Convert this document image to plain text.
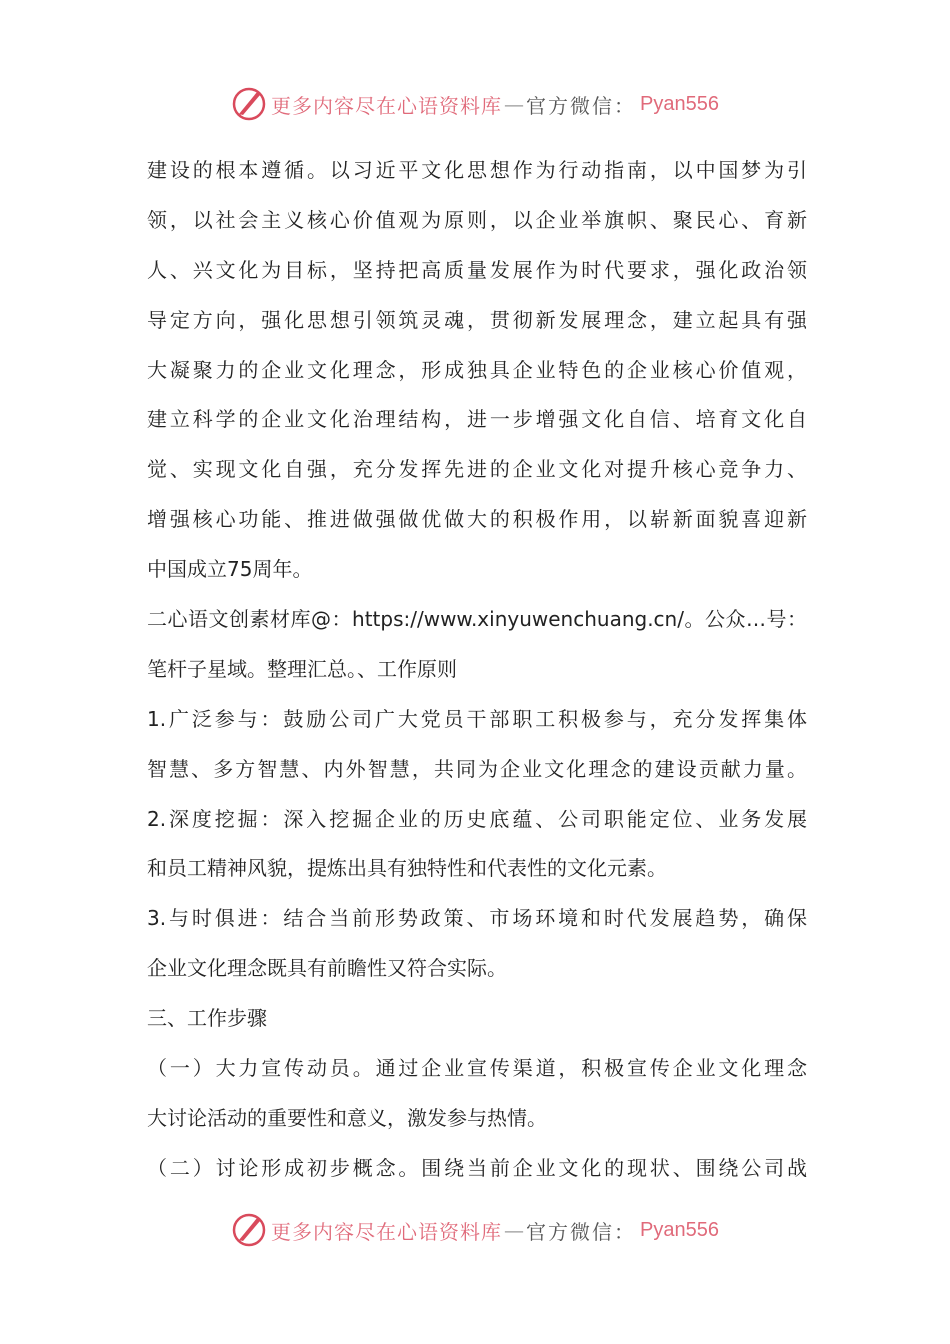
更多内容尽在心语资料库 — 官方微信： Pyan556
建设的根本遵循。以习近平文化思想作为行动指南，以中国梦为引
领，以社会主义核心价值观为原则，以企业举旗帜、聚民心、育新
人、兴文化为目标，坚持把高质量发展作为时代要求，强化政治领
导定方向，强化思想引领筑灵魂，贯彻新发展理念，建立起具有强
大凝聚力的企业文化理念，形成独具企业特色的企业核心价值观，
建立科学的企业文化治理结构，进一步增强文化自信、培育文化自
觉、实现文化自强，充分发挥先进的企业文化对提升核心竞争力、
增强核心功能、推进做强做优做大的积极作用，以崭新面貌喜迎新
中国成立75周年。
二心语文创素材库@：https://www.xinyuwenchuang.cn/。公众…号：
笔杆子星域。整理汇总。、工作原则
1.广泛参与：鼓励公司广大党员干部职工积极参与，充分发挥集体
智慧、多方智慧、内外智慧，共同为企业文化理念的建设贡献力量。
2.深度挖掘：深入挖掘企业的历史底蕴、公司职能定位、业务发展
和员工精神风貌，提炼出具有独特性和代表性的文化元素。
3.与时俱进：结合当前形势政策、市场环境和时代发展趋势，确保
企业文化理念既具有前瞻性又符合实际。
三、工作步骤
（一）大力宣传动员。通过企业宣传渠道，积极宣传企业文化理念
大讨论活动的重要性和意义，激发参与热情。
（二）讨论形成初步概念。围绕当前企业文化的现状、围绕公司战
更多内容尽在心语资料库 — 官方微信： Pyan556
